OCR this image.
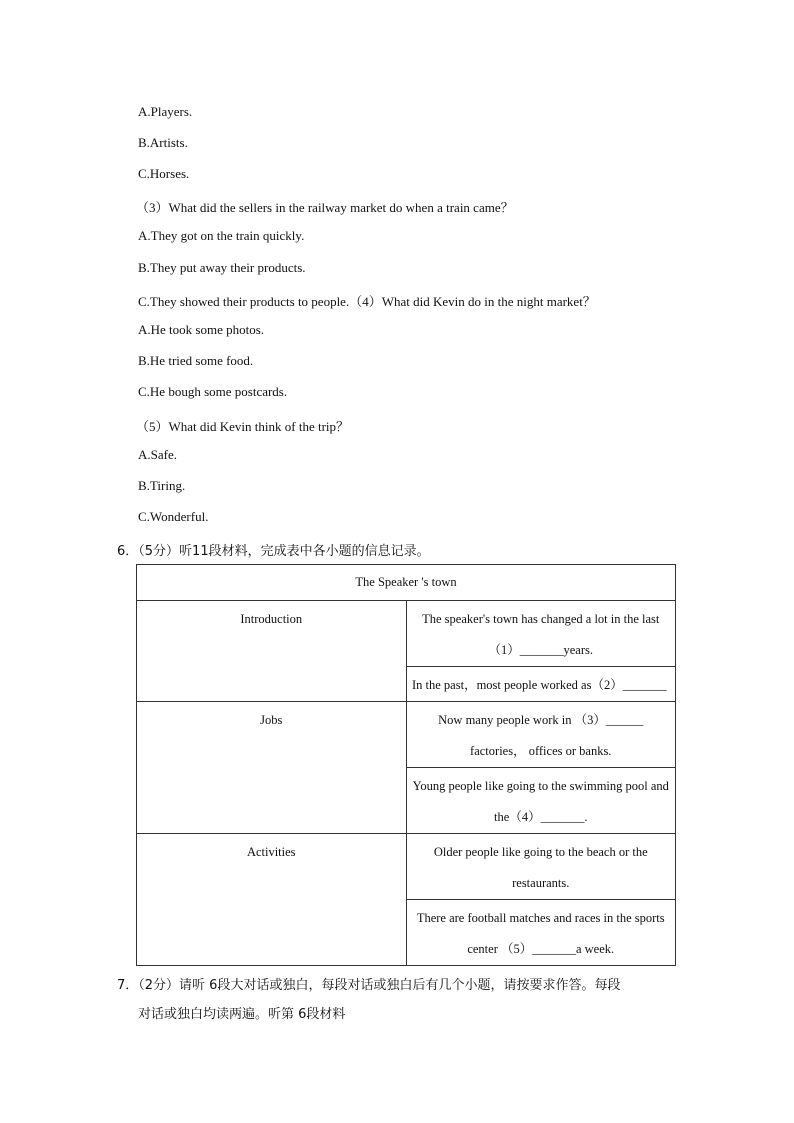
A.Players.
B.Artists.
C.Horses.
（3）What did the sellers in the railway market do when a train came？
A.They got on the train quickly.
B.They put away their products.
C.They showed their products to people.（4）What did Kevin do in the night market？
A.He took some photos.
B.He tried some food.
C.He bough some postcards.
（5）What did Kevin think of the trip？
A.Safe.
B.Tiring.
C.Wonderful.
6．（5分）听11段材料，完成表中各小题的信息记录。
The Speaker 's town	
Introduction	The speaker's town has changed a lot in the last （1）_______years.
	In the past，most people worked as（2）_______
Jobs	Now many people work in （3）______ factories， offices or banks.
	Young people like going to the swimming pool and the（4）_______.
Activities	Older people like going to the beach or the restaurants.
	There are football matches and races in the sports center （5）_______a week.
7．（2分）请听 6段大对话或独白，每段对话或独白后有几个小题，请按要求作答。每段
对话或独白均读两遍。听第 6段材料
